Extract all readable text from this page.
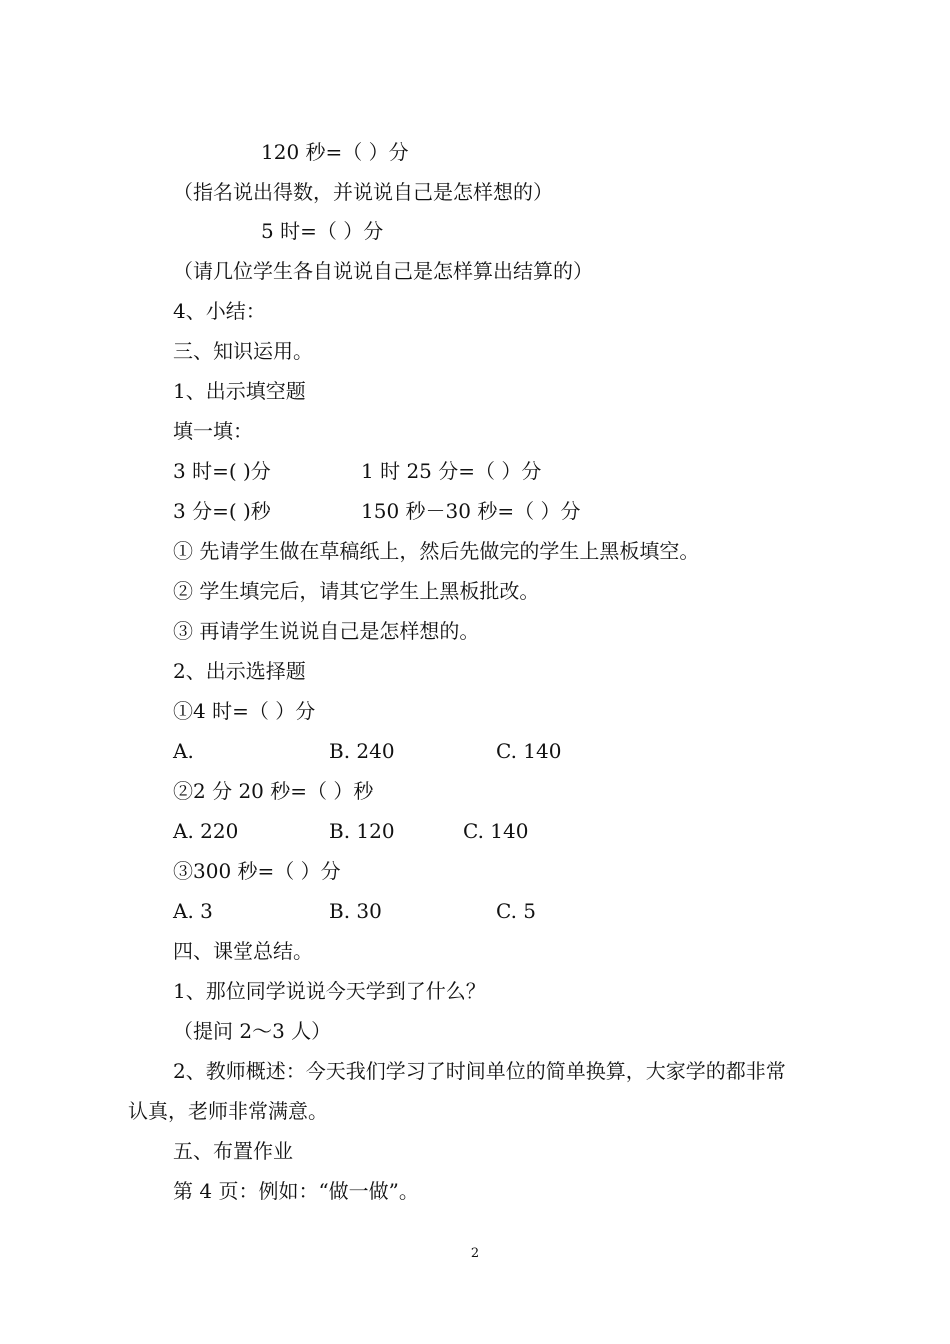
120 秒=（ ）分
（指名说出得数，并说说自己是怎样想的）
5 时=（ ）分
（请几位学生各自说说自己是怎样算出结算的）
4、小结：
三、知识运用。
1、出示填空题
填一填：
3 时=( )分	1 时 25 分=（ ）分
3 分=( )秒	150 秒－30 秒=（ ）分
① 先请学生做在草稿纸上，然后先做完的学生上黑板填空。
② 学生填完后，请其它学生上黑板批改。
③ 再请学生说说自己是怎样想的。
2、出示选择题
①4 时=（ ）分
A.	B. 240	C. 140
②2 分 20 秒=（ ）秒
A. 220	B. 120	C. 140
③300 秒=（ ）分
A. 3	B. 30	C. 5
四、课堂总结。
1、那位同学说说今天学到了什么？
（提问 2～3 人）
2、教师概述：今天我们学习了时间单位的简单换算，大家学的都非常
认真，老师非常满意。
五、布置作业
第 4 页：例如：“做一做”。
2
